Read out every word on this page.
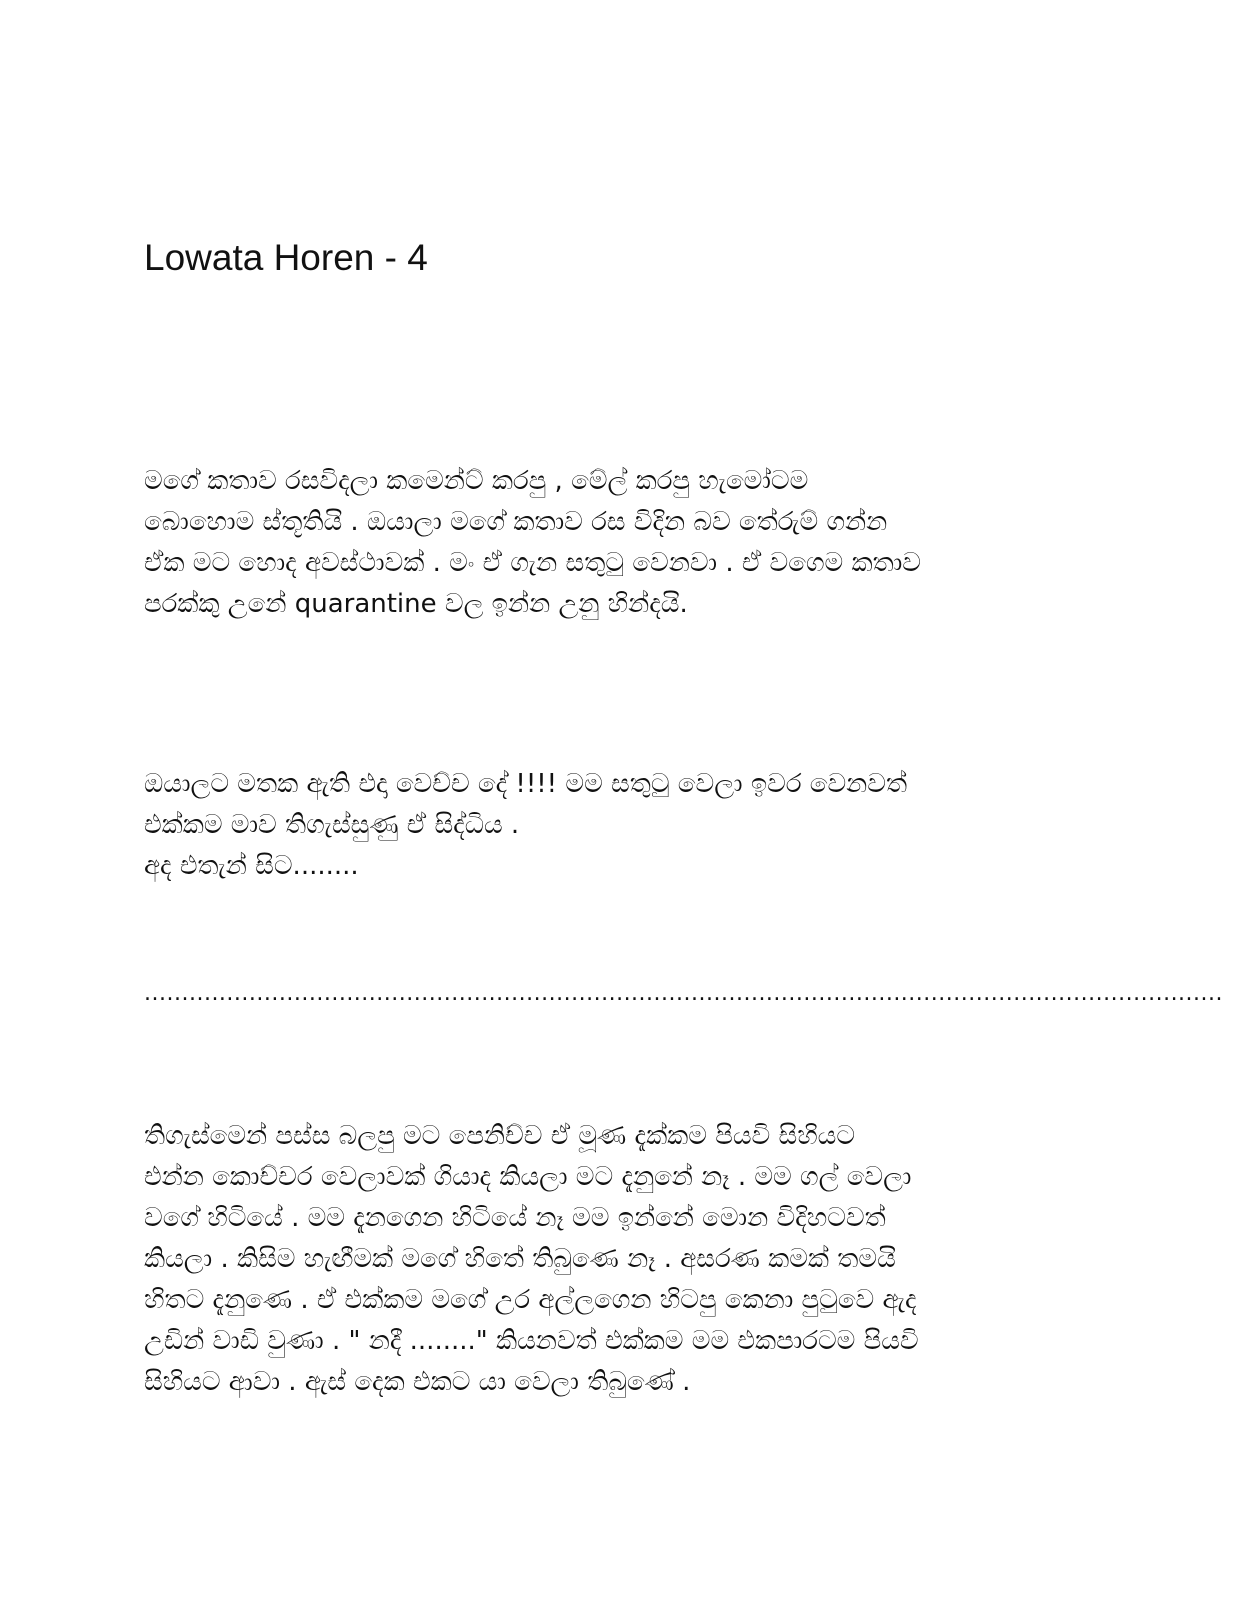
Lowata Horen - 4

මගේ කතාව රසවිදලා කමෙන්ට් කරපු , මේල් කරපු හැමෝටම
බොහොම ස්තූතියි . ඔයාලා මගේ කතාව රස විදින බව තේරුම් ගන්න
ඒක මට හොද අවස්ථාවක් . මං ඒ ගැන සතුටු වෙනවා . ඒ වගෙම කතාව
පරක්කු උනේ quarantine වල ඉන්න උනු හින්දයි.

ඔයාලට මතක ඇති එදා වෙච්ච දේ !!!! මම සතුටු වෙලා ඉවර වෙනවත්
එක්කම මාව තිගැස්සුණු ඒ සිද්ධිය .
අද එතැන් සිට........

................................................................................................................................................

තිගැස්මෙන් පස්ස බලපු මට පෙනිච්ච ඒ මූණ දැක්කම පියවි සිහියට
එන්න කොච්චර වෙලාවක් ගියාද කියලා මට දැනුනේ නෑ . මම ගල් වෙලා
වගේ හිටියේ . මම දැනගෙන හිටියේ නෑ මම ඉන්නේ මොන විදිහටවත්
කියලා . කිසිම හැඟීමක් මගේ හිතේ තිබුණෙ නෑ . අසරණ කමක් තමයි
හිතට දැනුණෙ . ඒ එක්කම මගේ උර අල්ලගෙන හිටපු කෙනා පුටුවෙ ඇද
උඩින් වාඩි වුණා . " නදී ........" කියනවත් එක්කම මම එකපාරටම පියවි
සිහියට ආවා . ඇස් දෙක එකට යා වෙලා තිබුණේ .
